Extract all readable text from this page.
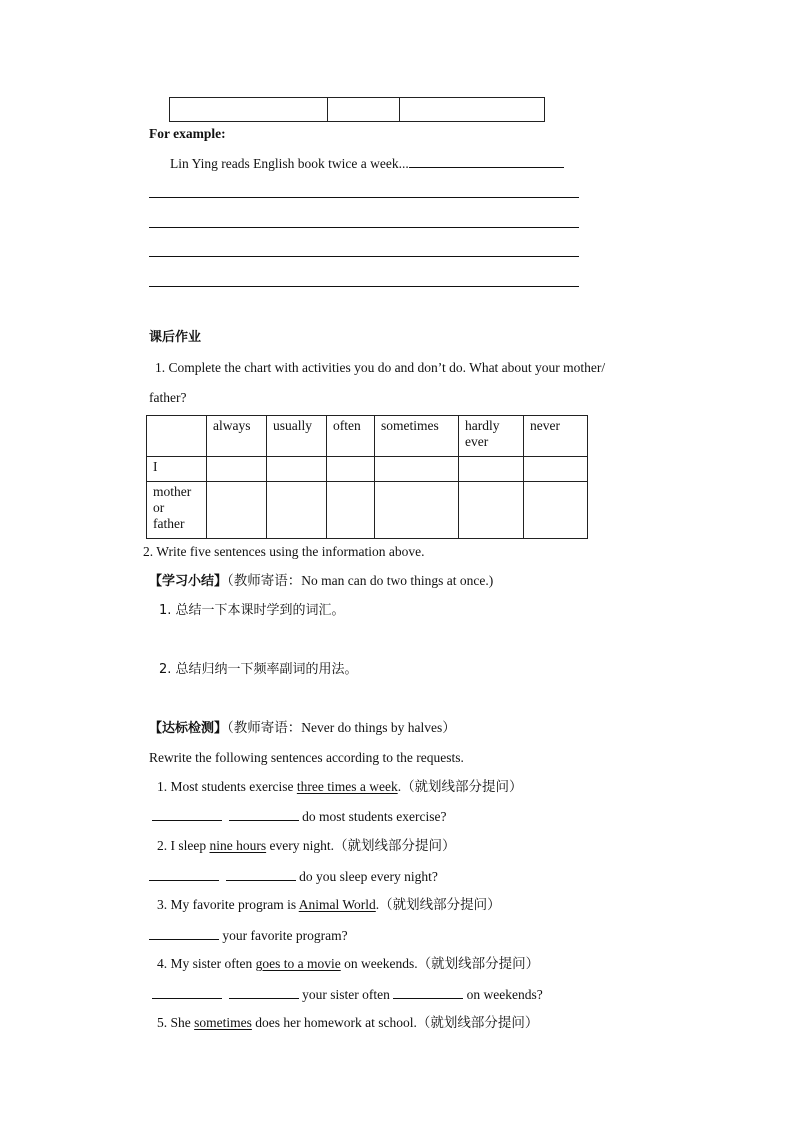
For example:
Lin Ying reads English book twice a week...
课后作业
1. Complete the chart with activities you do and don’t do. What about your mother/
father?

	always	usually	often	sometimes	hardly ever	never

I						

mother or father						

2. Write five sentences using the information above.
【学习小结】（教师寄语：No man can do two things at once.)
1. 总结一下本课时学到的词汇。
2. 总结归纳一下频率副词的用法。
【达标检测】（教师寄语：Never do things by halves）
Rewrite the following sentences according to the requests.
1. Most students exercise three times a week.（就划线部分提问）
do most students exercise?
2. I sleep nine hours every night.（就划线部分提问）
do you sleep every night?
3. My favorite program is Animal World.（就划线部分提问）
your favorite program?
4. My sister often goes to a movie on weekends.（就划线部分提问）
your sister often	on weekends?
5. She sometimes does her homework at school.（就划线部分提问）
